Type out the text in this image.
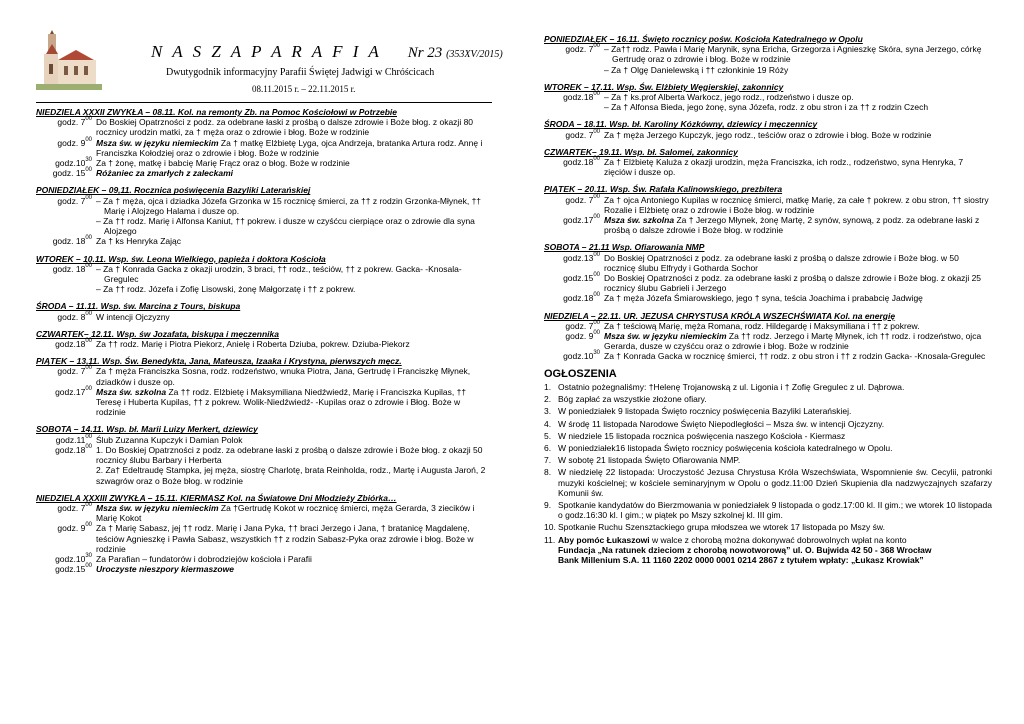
N A S Z A P A R A F I A Nr 23 (353XV/2015)
Dwutygodnik informacyjny Parafii Świętej Jadwigi w Chróścicach
08.11.2015 r. – 22.11.2015 r.
NIEDZIELA XXXII ZWYKŁA – 08.11. Kol. na remonty Zb. na Pomoc Kościołowi w Potrzebie
godz. $7^{00}$ Do Boskiej Opatrzności z podz. za odebrane łaski z prośbą o dalsze zdrowie i Boże błog. z okazji 80 rocznicy urodzin matki, za † męża oraz o zdrowie i błog. Boże w rodzinie

godz. $9^{00}$ Msza św. w języku niemieckim Za † matkę Elżbietę Lyga, ojca Andrzeja, bratanka Artura rodz. Annę i Franciszka Kołodziej oraz o zdrowie i błog. Boże w rodzinie

$godz.10^{30}$ Za † żonę, matkę i babcię Marię Frącz oraz o błog. Boże w rodzinie

godz. $15^{00}$ Różaniec za zmarłych z zaleckami

PONIEDZIAŁEK – 09,11. Rocznica poświęcenia Bazyliki Laterańskiej
godz. $7^{00}$ – Za † męża, ojca i dziadka Józefa Grzonka w 15 rocznicę śmierci, za †† z rodzin Grzonka-Młynek, †† Marię i Alojzego Halama i dusze op.

– Za †† rodz. Marię i Alfonsa Kaniut, †† pokrew. i dusze w czyśćcu cierpiące oraz o zdrowie dla syna Alojzego

godz. $18^{00}$ Za † ks Henryka Zając

WTOREK – 10.11. Wsp. św. Leona Wielkiego, papieża i doktora Kościoła
godz. $18^{00}$ – Za † Konrada Gacka z okazji urodzin, 3 braci, †† rodz., teściów, †† z pokrew. Gacka- -Knosala-Gregulec

– Za †† rodz. Józefa i Zofię Lisowski, żonę Małgorzatę i †† z pokrew.

ŚRODA – 11.11. Wsp. św. Marcina z Tours, biskupa
godz. $8^{00}$ W intencji Ojczyzny

CZWARTEK– 12.11. Wsp. św Jozafata, biskupa i męczennika
$godz.18^{00}$ Za †† rodz. Marię i Piotra Piekorz, Anielę i Roberta Dziuba, pokrew. Dziuba-Piekorz

PIĄTEK – 13.11. Wsp. Św. Benedykta, Jana, Mateusza, Izaaka i Krystyna, pierwszych męcz.
godz. $7^{00}$ Za † męża Franciszka Sosna, rodz. rodzeństwo, wnuka Piotra, Jana, Gertrudę i Franciszkę Młynek, dziadków i dusze op.

$godz.17^{00}$ Msza św. szkolna Za †† rodz. Elżbietę i Maksymiliana Niedźwiedź, Marię i Franciszka Kupilas, †† Teresę i Huberta Kupilas, †† z pokrew. Wolik-Niedźwiedź- -Kupilas oraz o zdrowie i Błog. Boże w rodzinie

SOBOTA – 14.11. Wsp. bł. Marii Luizy Merkert, dziewicy
$godz.11^{00}$ Ślub Zuzanna Kupczyk i Damian Polok

$godz.18^{00}$ 1. Do Boskiej Opatrzności z podz. za odebrane łaski z prośbą o dalsze zdrowie i Boże błog. z okazji 50 rocznicy ślubu Barbary i Herberta

2. Za† Edeltraudę Stampka, jej męża, siostrę Charlotę, brata Reinholda, rodz., Martę i Augusta Jaroń, 2 szwagrów oraz o Boże błog. w rodzinie

NIEDZIELA XXXIII ZWYKŁA – 15.11. KIERMASZ Kol. na Światowe Dni Młodzieży Zbiórka…
godz. $7^{00}$ Msza św. w języku niemieckim Za †Gertrudę Kokot w rocznicę śmierci, męża Gerarda, 3 ziecików i Marię Kokot

godz. $9^{00}$ Za † Marię Sabasz, jej †† rodz. Marię i Jana Pyka, †† braci Jerzego i Jana, † bratanicę Magdalenę, teściów Agnieszkę i Pawła Sabasz, wszystkich †† z rodzin Sabasz-Pyka oraz zdrowie i błog. Boże w rodzinie

$godz.10^{30}$ Za Parafian – fundatorów i dobrodziejów kościoła i Parafii

$godz.15^{00}$ Uroczyste nieszpory kiermaszowe

PONIEDZIAŁEK – 16.11. Święto rocznicy pośw. Kościoła Katedralnego w Opolu
godz. $7^{00}$ – Za†† rodz. Pawła i Marię Marynik, syna Ericha, Grzegorza i Agnieszkę Skóra, syna Jerzego, córkę Gertrudę oraz o zdrowie i błog. Boże w rodzinie

– Za † Olgę Danielewską i †† członkinie 19 Róży

WTOREK – 17.11. Wsp. Św. Elżbiety Węgierskiej, zakonnicy
$godz.18^{00}$ – Za † ks.prof Alberta Warkocz, jego rodz., rodzeństwo i dusze op.

– Za † Alfonsa Bieda, jego żonę, syna Józefa, rodz. z obu stron i za †† z rodzin Czech

ŚRODA – 18.11. Wsp. bł. Karoliny Kózkówny, dziewicy i męczennicy
godz. $7^{00}$ Za † męża Jerzego Kupczyk, jego rodz., teściów oraz o zdrowie i błog. Boże w rodzinie

CZWARTEK– 19.11. Wsp. bł. Salomei, zakonnicy
$godz.18^{00}$ Za † Elżbietę Kaluża z okazji urodzin, męża Franciszka, ich rodz., rodzeństwo, syna Henryka, 7 zięciów i dusze op.

PIĄTEK – 20.11. Wsp. Św. Rafała Kalinowskiego, prezbitera
godz. $7^{00}$ Za † ojca Antoniego Kupilas w rocznicę śmierci, matkę Marię, za całe † pokrew. z obu stron, †† siostry Rozalie i Elżbietę oraz o zdrowie i Boże błog. w rodzinie

$godz.17^{00}$ Msza św. szkolna Za † Jerzego Młynek, żonę Martę, 2 synów, synową, z podz. za odebrane łaski z prośbą o dalsze zdrowie i Boże błog. w rodzinie

SOBOTA – 21.11 Wsp. Ofiarowania NMP
$godz.13^{00}$ Do Boskiej Opatrzności z podz. za odebrane łaski z prośbą o dalsze zdrowie i Boże błog. w 50 rocznicę ślubu Elfrydy i Gotharda Sochor

$godz.15^{00}$ Do Boskiej Opatrzności z podz. za odebrane łaski z prośbą o dalsze zdrowie i Boże błog. z okazji 25 rocznicy ślubu Gabrieli i Jerzego

$godz.18^{00}$ Za † męża Józefa Śmiarowskiego, jego † syna, teścia Joachima i prababcię Jadwigę

NIEDZIELA – 22.11. UR. JEZUSA CHRYSTUSA KRÓLA WSZECHŚWIATA Kol. na energię
godz. $7^{00}$ Za † teściową Marię, męża Romana, rodz. Hildegardę i Maksymiliana i †† z pokrew.

godz. $9^{00}$ Msza św. w języku niemieckim Za †† rodz. Jerzego i Martę Młynek, ich †† rodz. i rodzeństwo, ojca Gerarda, dusze w czyśćcu oraz o zdrowie i błog. Boże w rodzinie

$godz.10^{30}$ Za † Konrada Gacka w rocznicę śmierci, †† rodz. z obu stron i †† z rodzin Gacka- -Knosala-Gregulec

OGŁOSZENIA
1. Ostatnio pożegnaliśmy: †Helenę Trojanowską z ul. Ligonia i † Zofię Gregulec z ul. Dąbrowa.
2. Bóg zapłać za wszystkie złożone ofiary.
3. W poniedziałek 9 listopada Święto rocznicy poświęcenia Bazyliki Laterańskiej.
4. W środę 11 listopada Narodowe Święto Niepodległości – Msza św. w intencji Ojczyzny.
5. W niedziele 15 listopada rocznica poświęcenia naszego Kościoła - Kiermasz
6. W poniedziałek16 listopada Święto rocznicy poświęcenia kościoła katedralnego w Opolu.
7. W sobotę 21 listopada Święto Ofiarowania NMP.
8. W niedzielę 22 listopada: Uroczystość Jezusa Chrystusa Króla Wszechświata, Wspomnienie św. Cecylii, patronki muzyki kościelnej; w kościele seminaryjnym w Opolu o godz.11:00 Dzień Skupienia dla nadzwyczajnych szafarzy Komunii św.
9. Spotkanie kandydatów do Bierzmowania w poniedziałek 9 listopada o godz.17:00 kl. II gim.; we wtorek 10 listopada o godz.16:30 kl. I gim.; w piątek po Mszy szkolnej kl. III gim.
10. Spotkanie Ruchu Szensztackiego grupa młodszea we wtorek 17 listopada po Mszy św.
11. Aby pomóc Łukaszowi w walce z chorobą można dokonywać dobrowolnych wpłat na konto
Fundacja „Na ratunek dzieciom z chorobą nowotworową” ul. O. Bujwida 42 50 - 368 Wrocław
Bank Millenium S.A. 11 1160 2202 0000 0001 0214 2867 z tytułem wpłaty: „Łukasz Krowiak”
